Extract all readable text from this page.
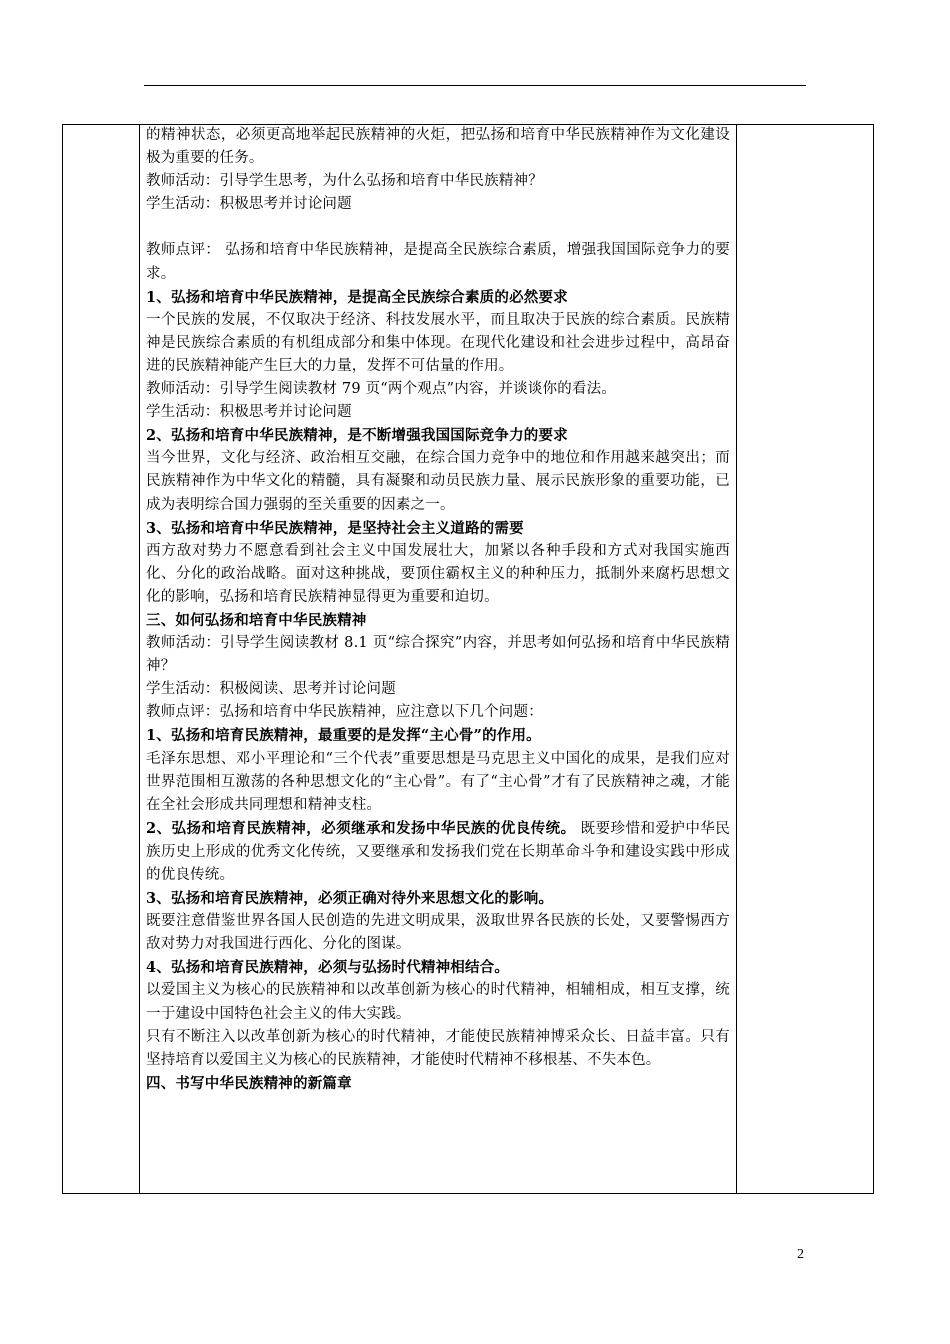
的精神状态，必须更高地举起民族精神的火炬，把弘扬和培育中华民族精神作为文化建设极为重要的任务。

教师活动：引导学生思考，为什么弘扬和培育中华民族精神？

学生活动：积极思考并讨论问题

教师点评： 弘扬和培育中华民族精神，是提高全民族综合素质，增强我国国际竞争力的要求。

1、弘扬和培育中华民族精神，是提高全民族综合素质的必然要求

一个民族的发展，不仅取决于经济、科技发展水平，而且取决于民族的综合素质。民族精神是民族综合素质的有机组成部分和集中体现。在现代化建设和社会进步过程中，高昂奋进的民族精神能产生巨大的力量，发挥不可估量的作用。

教师活动：引导学生阅读教材 79 页“两个观点”内容，并谈谈你的看法。

学生活动：积极思考并讨论问题

2、弘扬和培育中华民族精神，是不断增强我国国际竞争力的要求

当今世界，文化与经济、政治相互交融，在综合国力竞争中的地位和作用越来越突出；而民族精神作为中华文化的精髓，具有凝聚和动员民族力量、展示民族形象的重要功能，已成为表明综合国力强弱的至关重要的因素之一。

3、弘扬和培育中华民族精神，是坚持社会主义道路的需要

西方敌对势力不愿意看到社会主义中国发展壮大，加紧以各种手段和方式对我国实施西化、分化的政治战略。面对这种挑战，要顶住霸权主义的种种压力，抵制外来腐朽思想文化的影响，弘扬和培育民族精神显得更为重要和迫切。

三、如何弘扬和培育中华民族精神

教师活动：引导学生阅读教材 8.1 页“综合探究”内容，并思考如何弘扬和培育中华民族精神？

学生活动：积极阅读、思考并讨论问题

教师点评：弘扬和培育中华民族精神，应注意以下几个问题：

1、弘扬和培育民族精神，最重要的是发挥“主心骨”的作用。

毛泽东思想、邓小平理论和“三个代表”重要思想是马克思主义中国化的成果，是我们应对世界范围相互激荡的各种思想文化的“主心骨”。有了“主心骨”才有了民族精神之魂，才能在全社会形成共同理想和精神支柱。

2、弘扬和培育民族精神，必须继承和发扬中华民族的优良传统。 既要珍惜和爱护中华民族历史上形成的优秀文化传统，又要继承和发扬我们党在长期革命斗争和建设实践中形成的优良传统。

3、弘扬和培育民族精神，必须正确对待外来思想文化的影响。

既要注意借鉴世界各国人民创造的先进文明成果，汲取世界各民族的长处，又要警惕西方敌对势力对我国进行西化、分化的图谋。

4、弘扬和培育民族精神，必须与弘扬时代精神相结合。

以爱国主义为核心的民族精神和以改革创新为核心的时代精神，相辅相成，相互支撑，统一于建设中国特色社会主义的伟大实践。

只有不断注入以改革创新为核心的时代精神，才能使民族精神博采众长、日益丰富。只有坚持培育以爱国主义为核心的民族精神，才能使时代精神不移根基、不失本色。

四、书写中华民族精神的新篇章

2
